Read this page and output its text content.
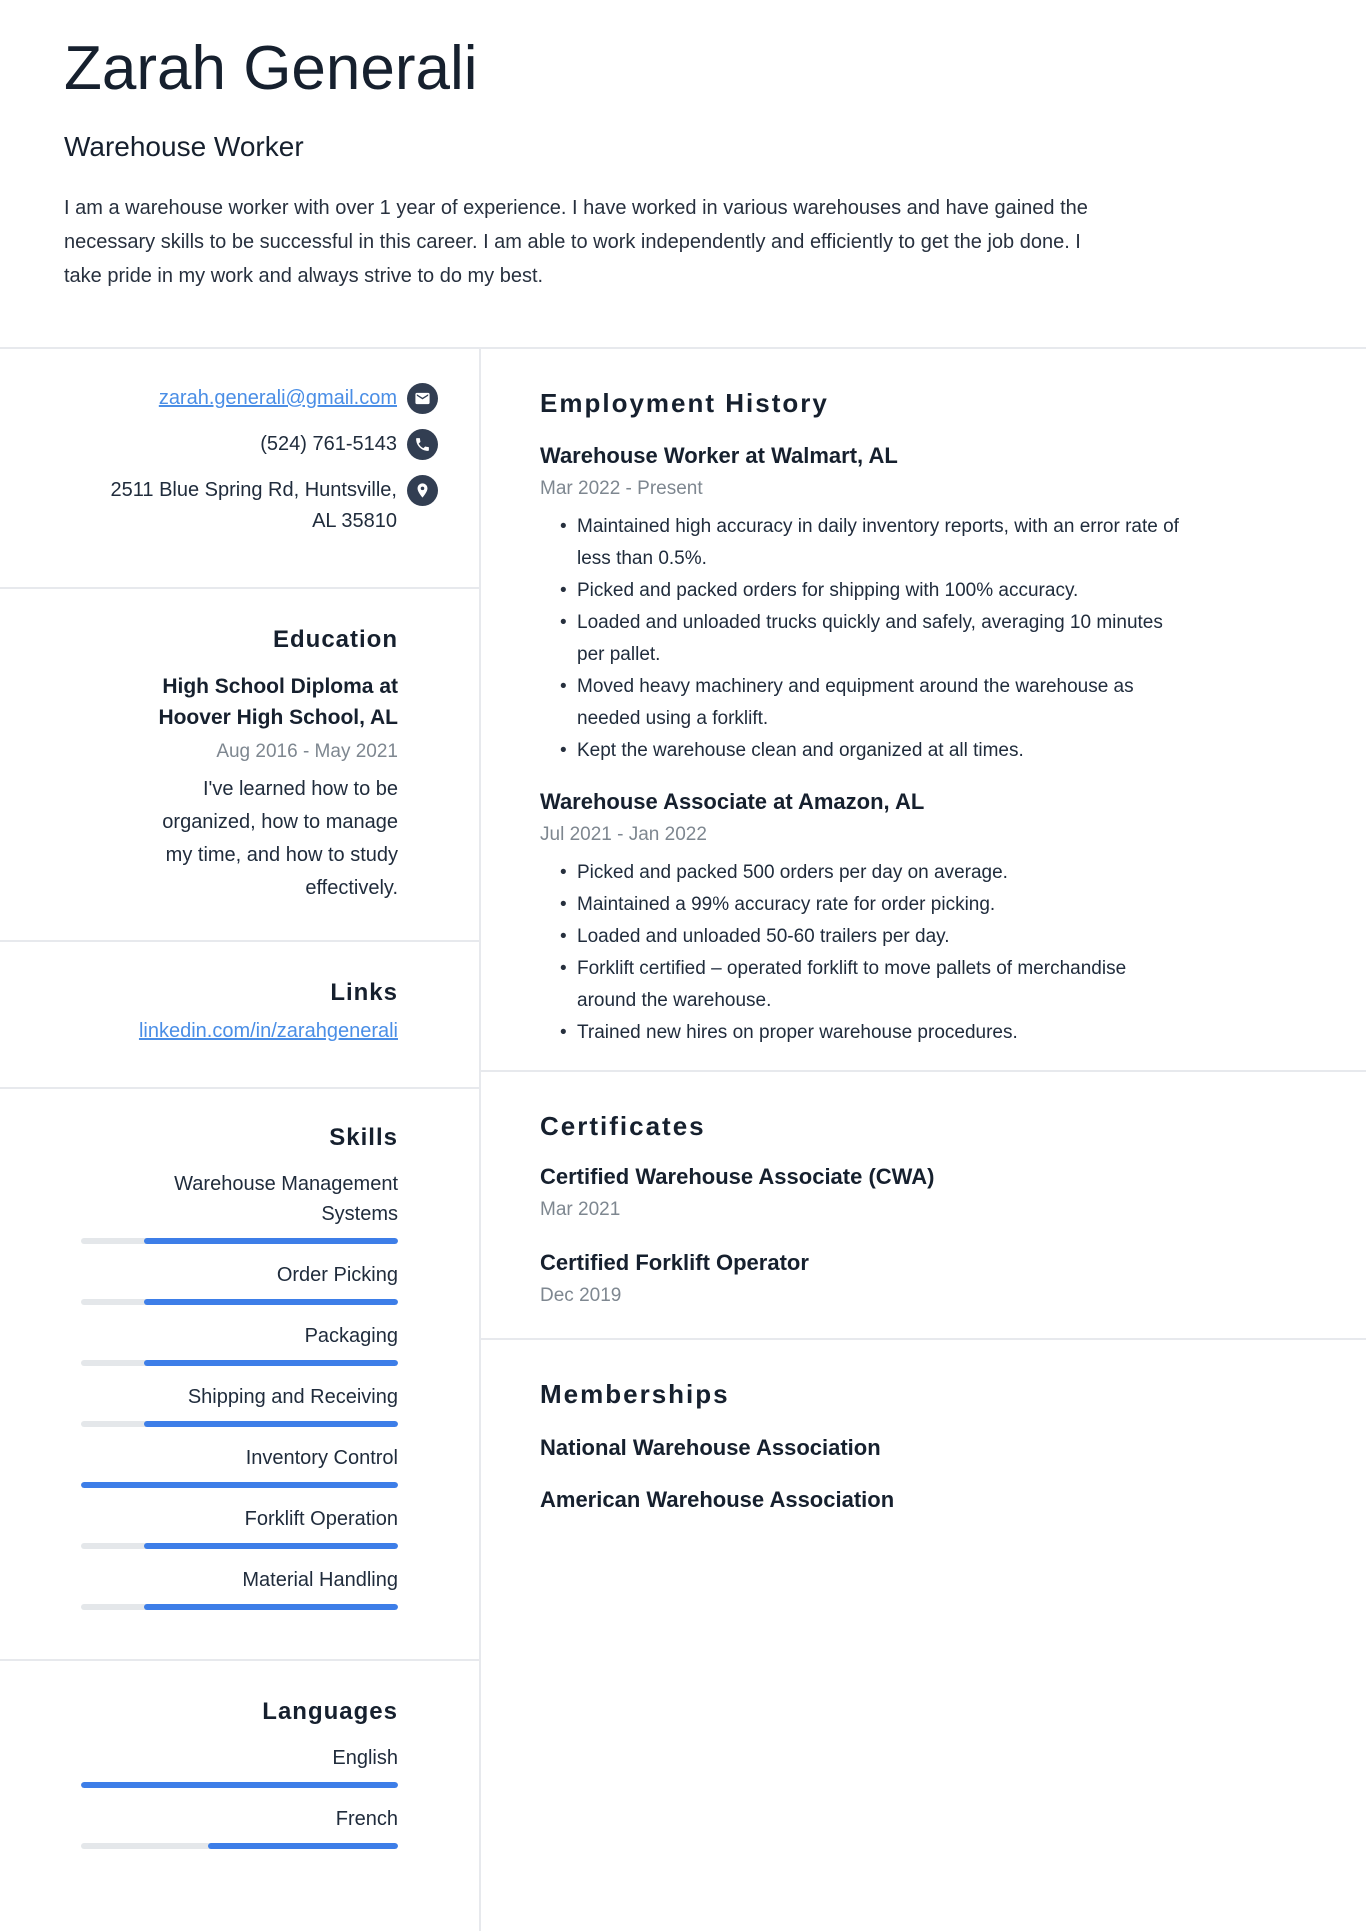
Zarah Generali
Warehouse Worker
I am a warehouse worker with over 1 year of experience. I have worked in various warehouses and have gained the necessary skills to be successful in this career. I am able to work independently and efficiently to get the job done. I take pride in my work and always strive to do my best.
zarah.generali@gmail.com
(524) 761-5143
2511 Blue Spring Rd, Huntsville, AL 35810
Education
High School Diploma at Hoover High School, AL
Aug 2016 - May 2021
I've learned how to be organized, how to manage my time, and how to study effectively.
Links
linkedin.com/in/zarahgenerali
Skills
Warehouse Management Systems
Order Picking
Packaging
Shipping and Receiving
Inventory Control
Forklift Operation
Material Handling
Languages
English
French
Employment History
Warehouse Worker at Walmart, AL
Mar 2022 - Present
• Maintained high accuracy in daily inventory reports, with an error rate of less than 0.5%.
• Picked and packed orders for shipping with 100% accuracy.
• Loaded and unloaded trucks quickly and safely, averaging 10 minutes per pallet.
• Moved heavy machinery and equipment around the warehouse as needed using a forklift.
• Kept the warehouse clean and organized at all times.
Warehouse Associate at Amazon, AL
Jul 2021 - Jan 2022
• Picked and packed 500 orders per day on average.
• Maintained a 99% accuracy rate for order picking.
• Loaded and unloaded 50-60 trailers per day.
• Forklift certified – operated forklift to move pallets of merchandise around the warehouse.
• Trained new hires on proper warehouse procedures.
Certificates
Certified Warehouse Associate (CWA)
Mar 2021
Certified Forklift Operator
Dec 2019
Memberships
National Warehouse Association
American Warehouse Association
